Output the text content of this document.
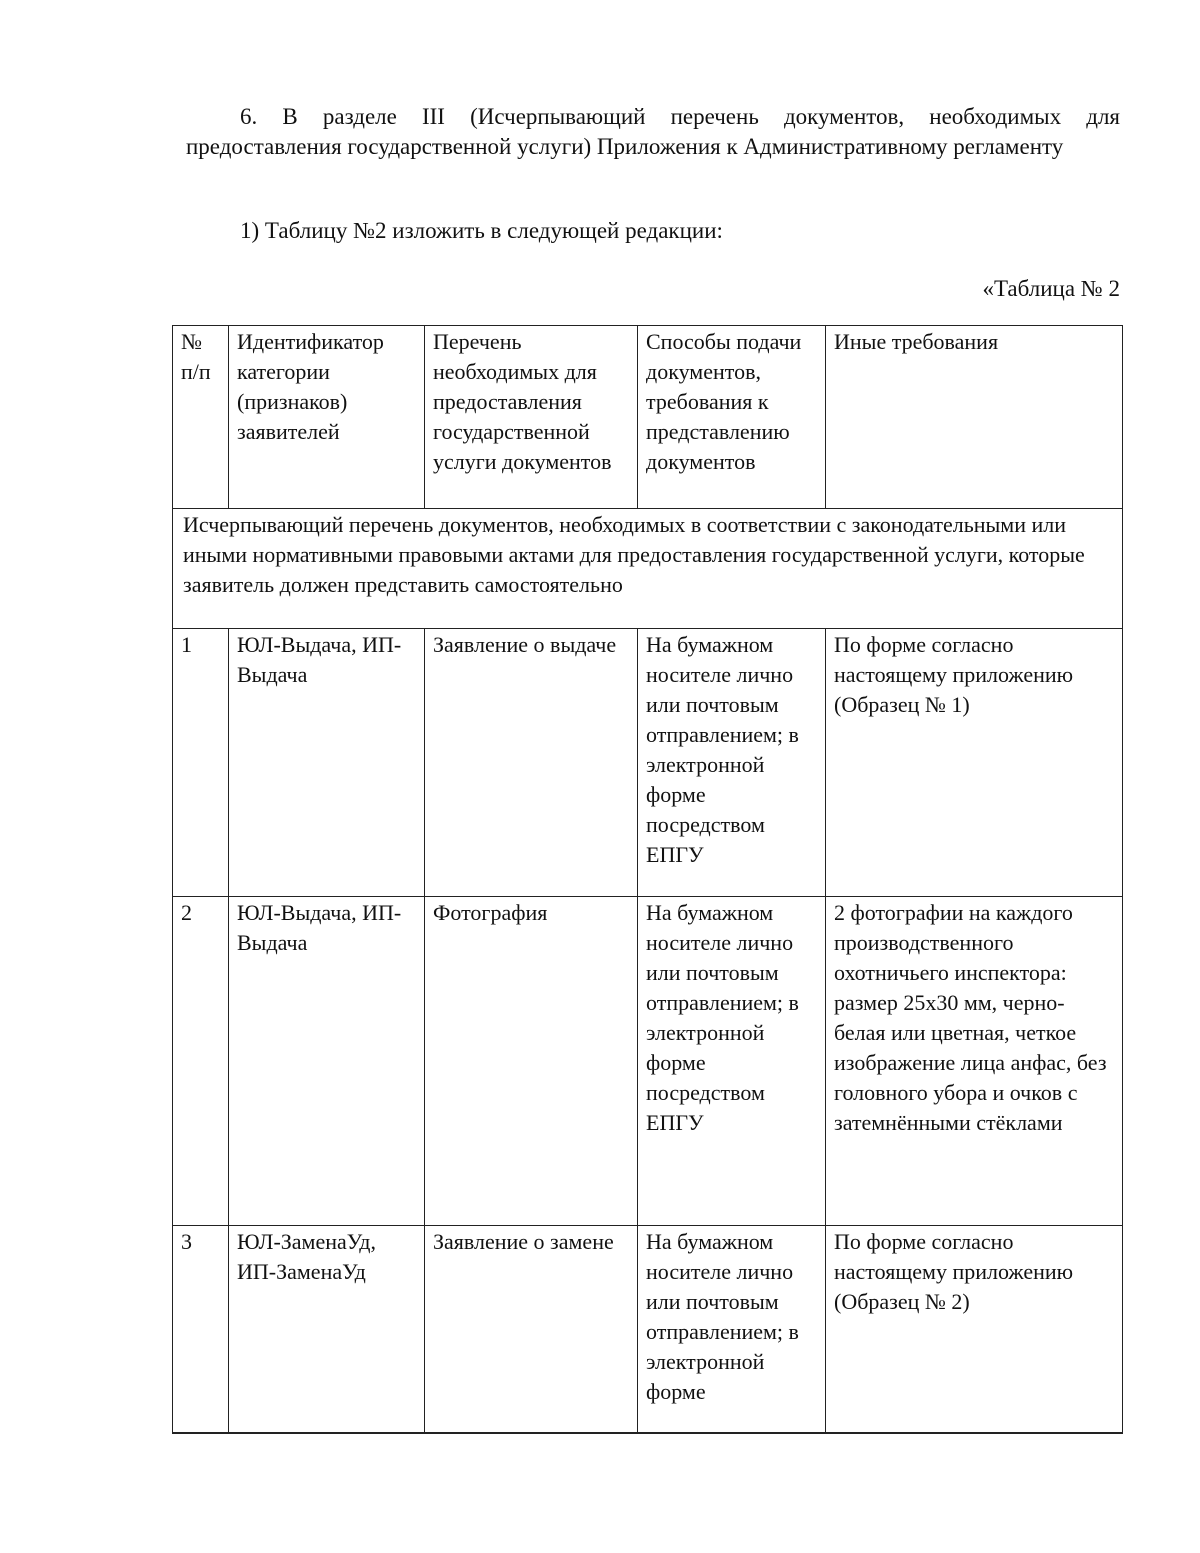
6. В разделе III (Исчерпывающий перечень документов, необходимых для предоставления государственной услуги) Приложения к Административному регламенту

1) Таблицу №2 изложить в следующей редакции:

«Таблица № 2

№ п/п	Идентификатор категории (признаков) заявителей	Перечень необходимых для предоставления государственной услуги документов	Способы подачи документов, требования к представлению документов	Иные требования
Исчерпывающий перечень документов, необходимых в соответствии с законодательными или иными нормативными правовыми актами для предоставления государственной услуги, которые заявитель должен представить самостоятельно				
1	ЮЛ-Выдача, ИП-Выдача	Заявление о выдаче	На бумажном носителе лично или почтовым отправлением; в электронной форме посредством ЕПГУ	По форме согласно настоящему приложению (Образец № 1)
2	ЮЛ-Выдача, ИП-Выдача	Фотография	На бумажном носителе лично или почтовым отправлением; в электронной форме посредством ЕПГУ	2 фотографии на каждого производственного охотничьего инспектора: размер 25х30 мм, черно-белая или цветная, четкое изображение лица анфас, без головного убора и очков с затемнёнными стёклами
3	ЮЛ-ЗаменаУд, ИП-ЗаменаУд	Заявление о замене	На бумажном носителе лично или почтовым отправлением; в электронной форме	По форме согласно настоящему приложению (Образец № 2)
